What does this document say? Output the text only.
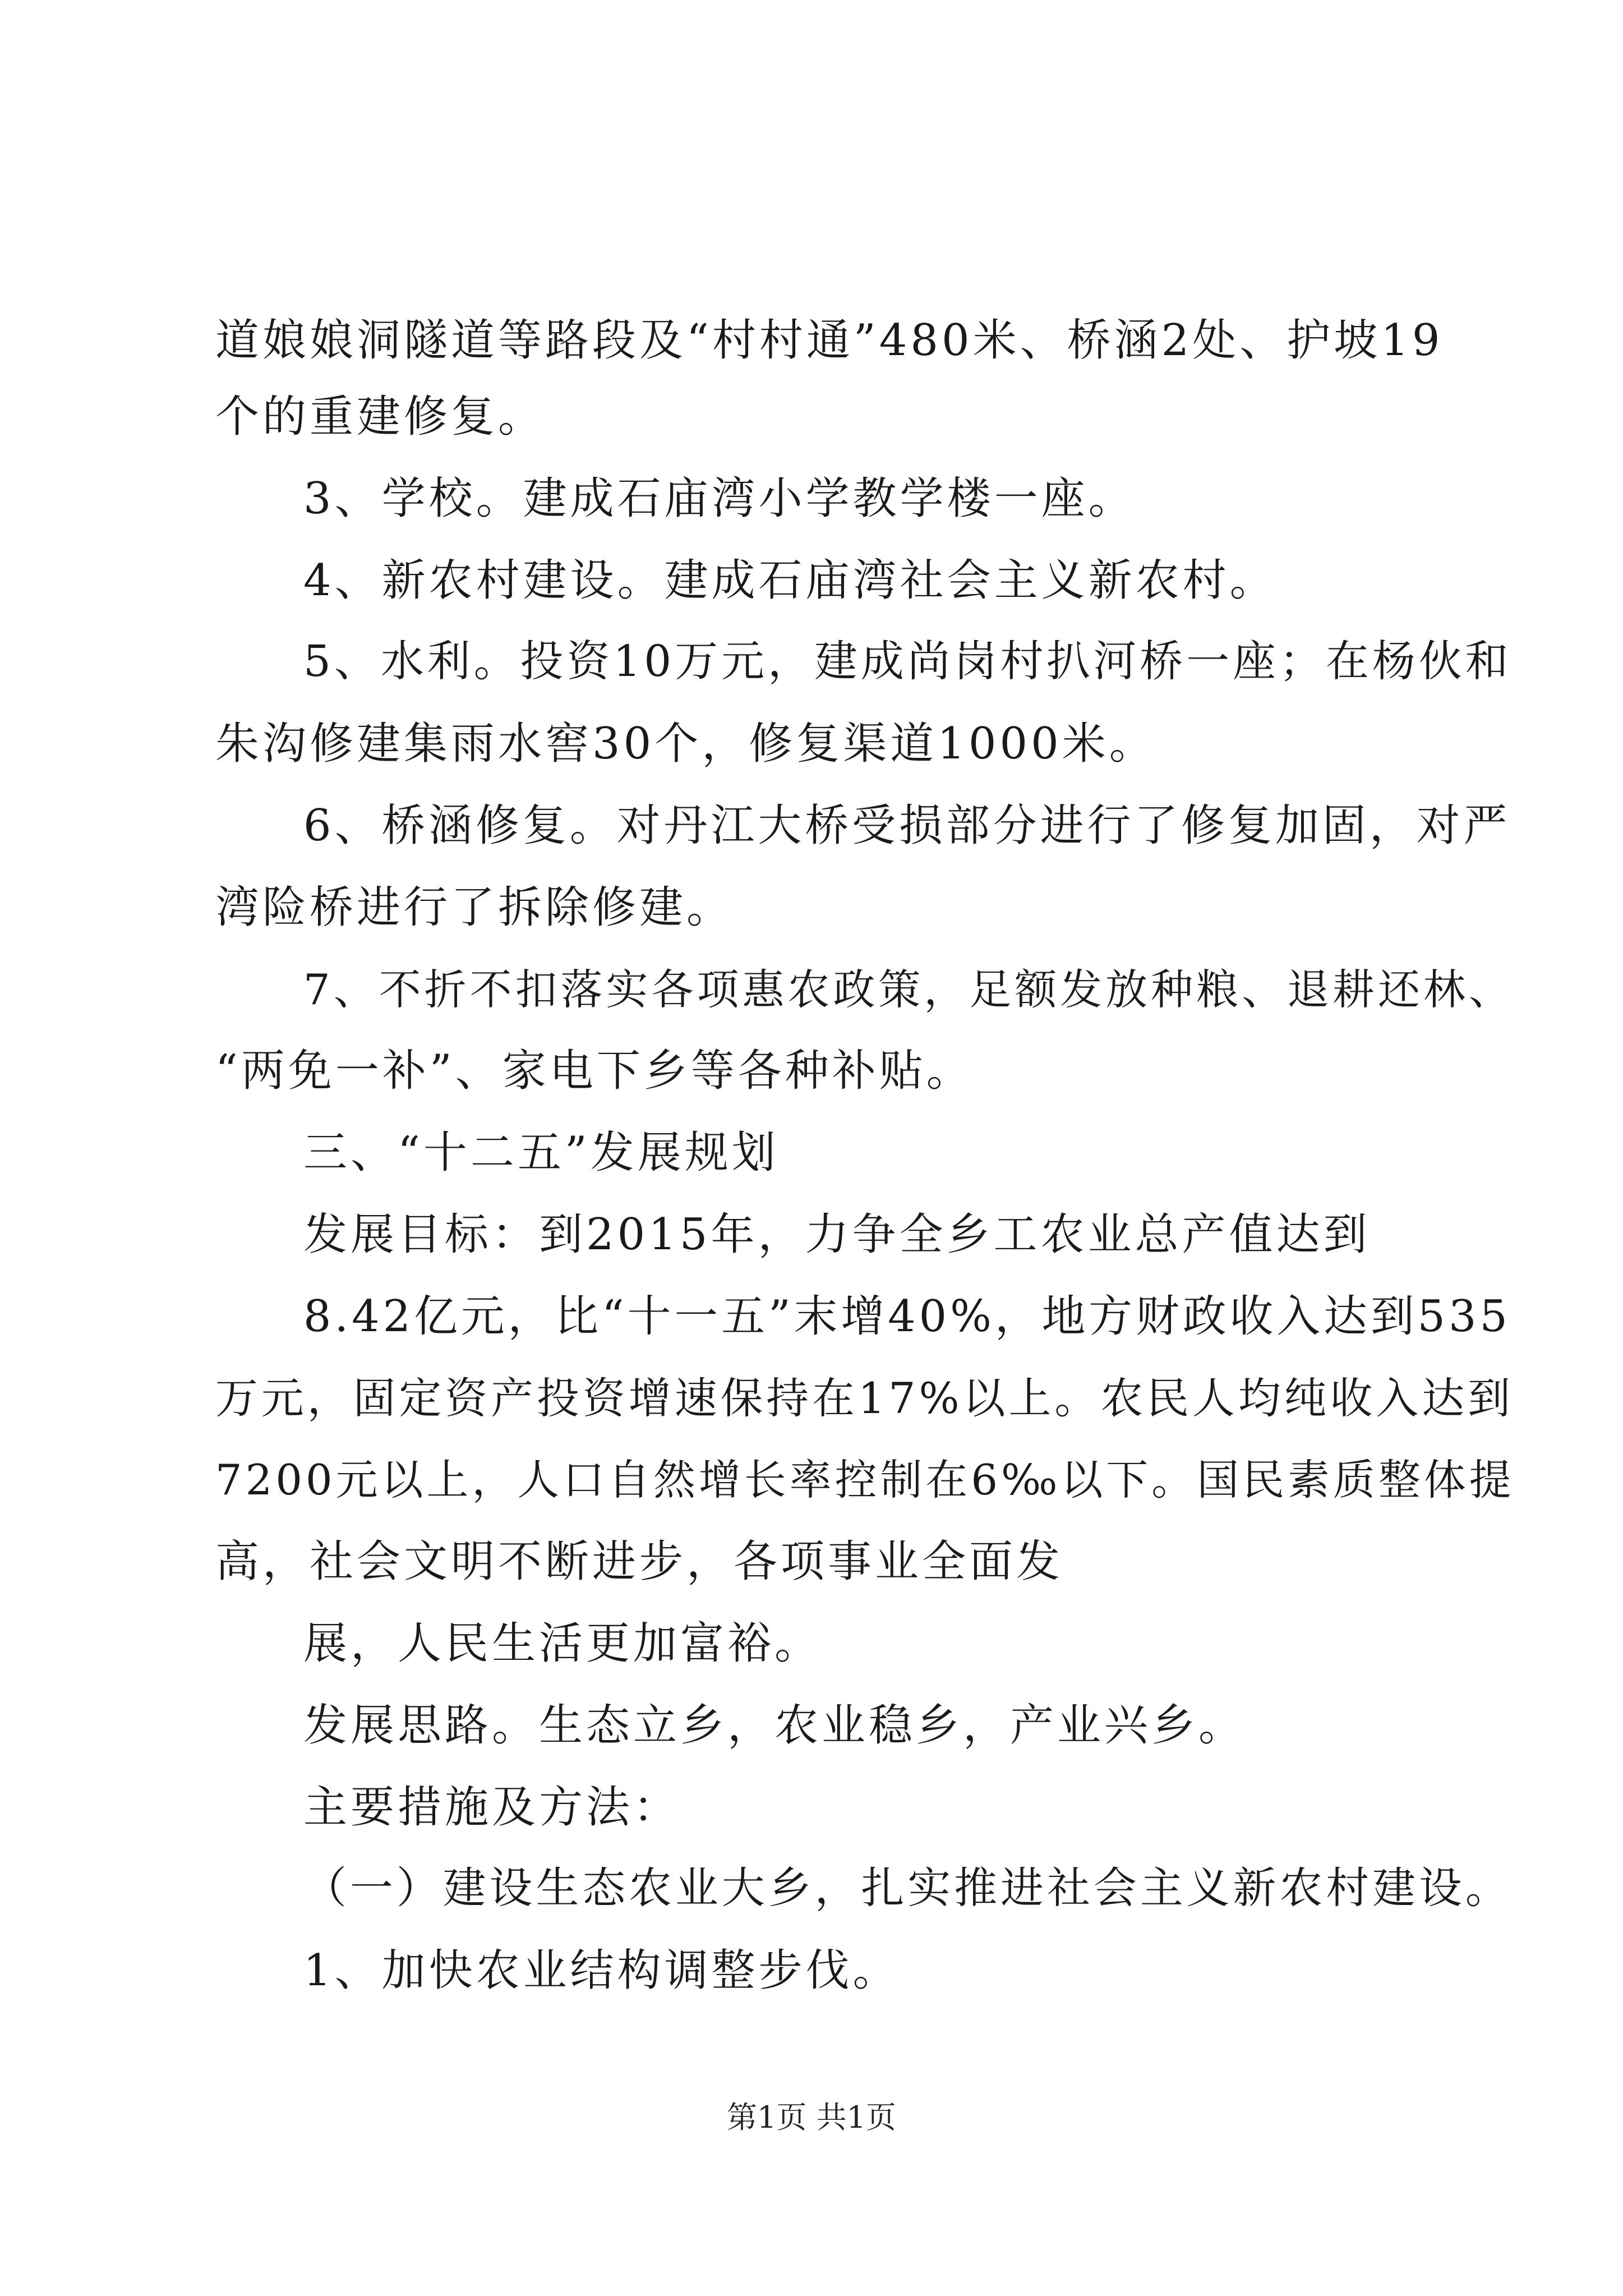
道娘娘洞隧道等路段及“村村通”480米、桥涵2处、护坡19
个的重建修复。
3、学校。建成石庙湾小学教学楼一座。
4、新农村建设。建成石庙湾社会主义新农村。
5、水利。投资10万元，建成尚岗村扒河桥一座；在杨伙和
朱沟修建集雨水窖30个，修复渠道1000米。
6、桥涵修复。对丹江大桥受损部分进行了修复加固，对严
湾险桥进行了拆除修建。
7、不折不扣落实各项惠农政策，足额发放种粮、退耕还林、
“两免一补”、家电下乡等各种补贴。
三、“十二五”发展规划
发展目标：到2015年，力争全乡工农业总产值达到
8.42亿元，比“十一五”末增40%，地方财政收入达到535
万元，固定资产投资增速保持在17%以上。农民人均纯收入达到
7200元以上，人口自然增长率控制在6‰以下。国民素质整体提
高，社会文明不断进步，各项事业全面发
展，人民生活更加富裕。
发展思路。生态立乡，农业稳乡，产业兴乡。
主要措施及方法：
（一）建设生态农业大乡，扎实推进社会主义新农村建设。
1、加快农业结构调整步伐。
第1页 共1页
